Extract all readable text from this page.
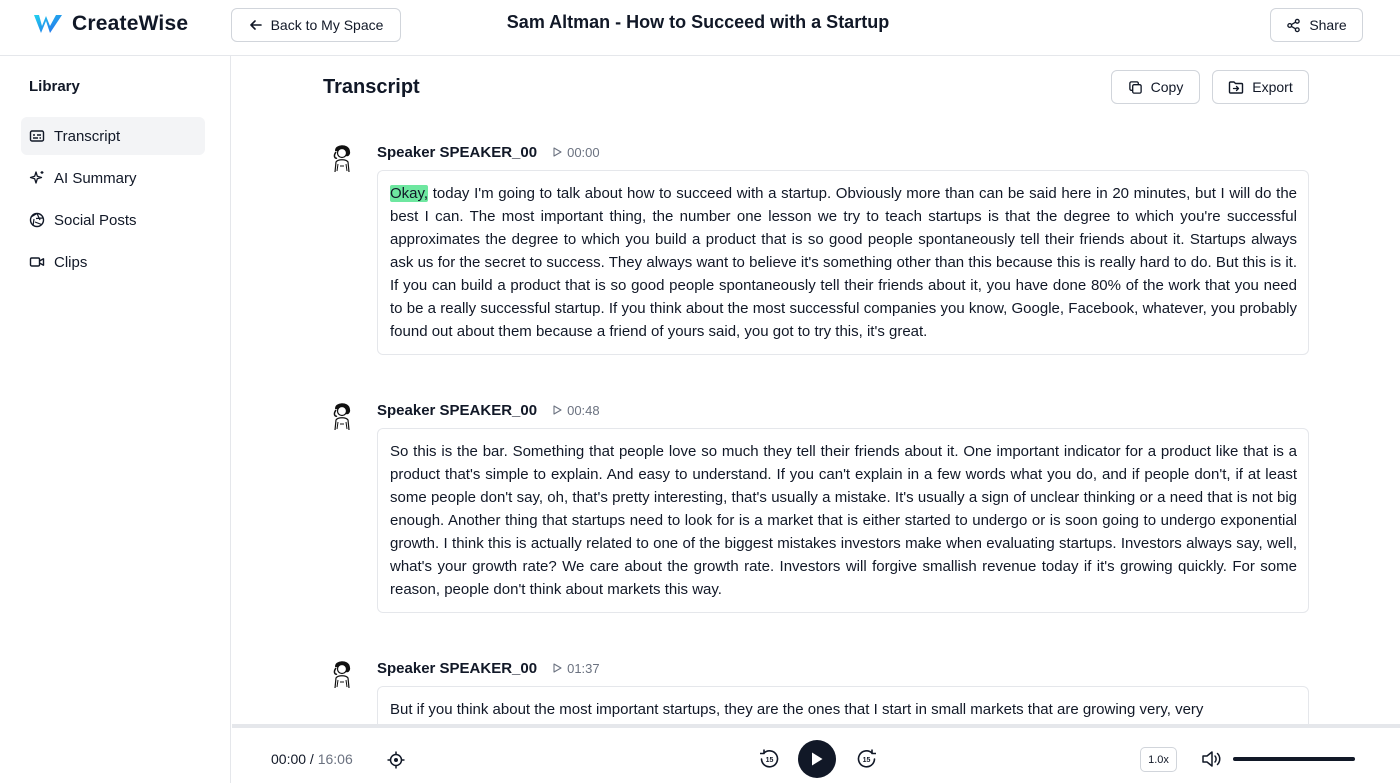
CreateWise	Back to My Space	Sam Altman - How to Succeed with a Startup	Share
Library
Transcript
AI Summary
Social Posts
Clips
Transcript	Copy	Export
Speaker SPEAKER_00 00:00
Okay, today I'm going to talk about how to succeed with a startup. Obviously more than can be said here in 20 minutes, but I will do the best I can. The most important thing, the number one lesson we try to teach startups is that the degree to which you're successful approximates the degree to which you build a product that is so good people spontaneously tell their friends about it. Startups always ask us for the secret to success. They always want to believe it's something other than this because this is really hard to do. But this is it. If you can build a product that is so good people spontaneously tell their friends about it, you have done 80% of the work that you need to be a really successful startup. If you think about the most successful companies you know, Google, Facebook, whatever, you probably found out about them because a friend of yours said, you got to try this, it's great.
Speaker SPEAKER_00 00:48
So this is the bar. Something that people love so much they tell their friends about it. One important indicator for a product like that is a product that's simple to explain. And easy to understand. If you can't explain in a few words what you do, and if people don't, if at least some people don't say, oh, that's pretty interesting, that's usually a mistake. It's usually a sign of unclear thinking or a need that is not big enough. Another thing that startups need to look for is a market that is either started to undergo or is soon going to undergo exponential growth. I think this is actually related to one of the biggest mistakes investors make when evaluating startups. Investors always say, well, what's your growth rate? We care about the growth rate. Investors will forgive smallish revenue today if it's growing quickly. For some reason, people don't think about markets this way.
Speaker SPEAKER_00 01:37
But if you think about the most important startups, they are the ones that I start in small markets that are growing very, very
00:00 / 16:06	15	15	1.0x
